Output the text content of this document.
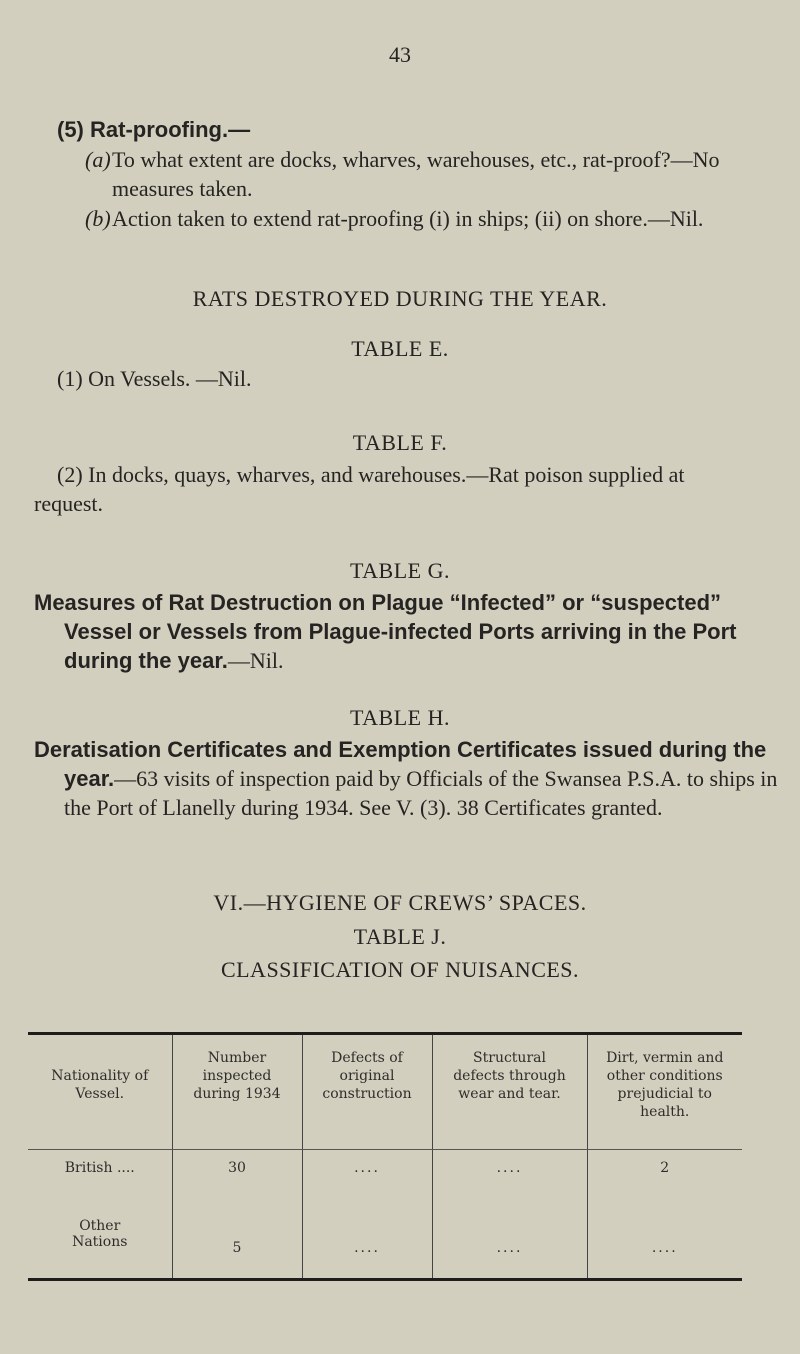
43
(5) Rat-proofing.—
(a)To what extent are docks, wharves, warehouses, etc., rat-proof?—No measures taken.
(b)Action taken to extend rat-proofing (i) in ships; (ii) on shore.—Nil.
RATS DESTROYED DURING THE YEAR.
TABLE E.
(1) On Vessels. —Nil.
TABLE F.
(2) In docks, quays, wharves, and warehouses.—Rat poison supplied at request.
TABLE G.
Measures of Rat Destruction on Plague “Infected” or “suspected” Vessel or Vessels from Plague-infected Ports arriving in the Port during the year.—Nil.
TABLE H.
Deratisation Certificates and Exemption Certificates issued during the year.—63 visits of inspection paid by Officials of the Swansea P.S.A. to ships in the Port of Llanelly during 1934. See V. (3). 38 Certificates granted.
VI.—HYGIENE OF CREWS’ SPACES.
TABLE J.
CLASSIFICATION OF NUISANCES.
Nationality of Vessel.	Number inspected during 1934	Defects of original construction	Structural defects through wear and tear.	Dirt, vermin and other conditions prejudicial to health.

British ....	30	....	....	2
Other Nations	5	....	....	....
